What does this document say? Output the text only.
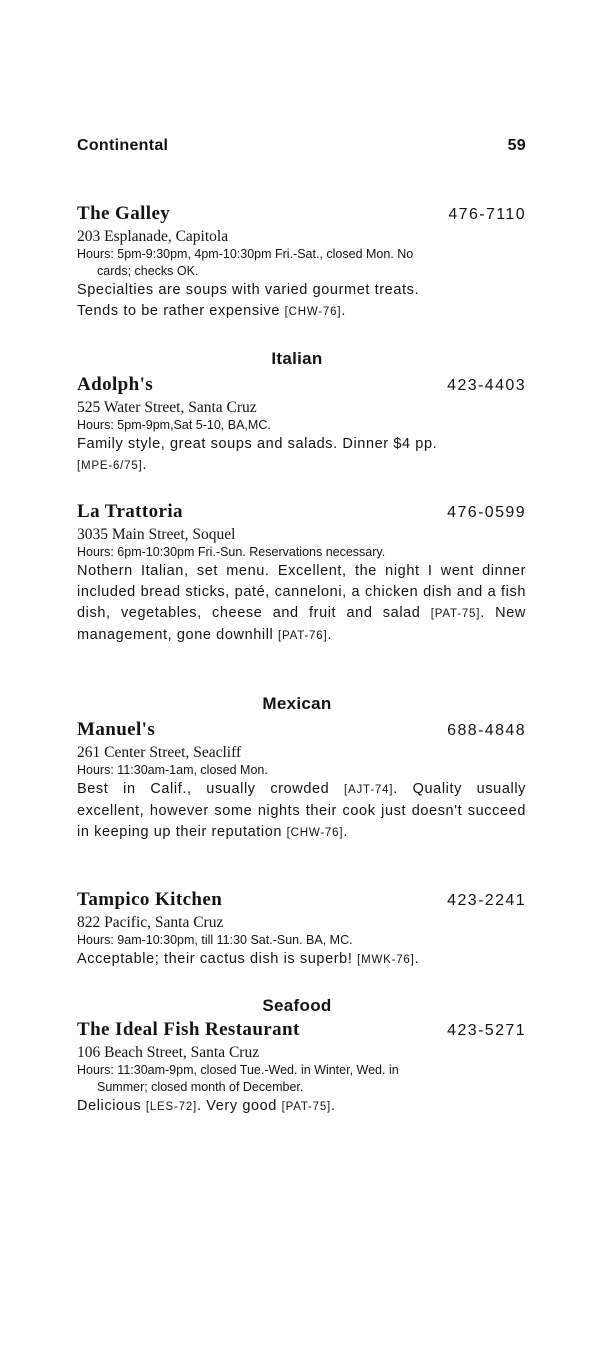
Continental	59
The Galley	476-7110
203 Esplanade, Capitola
Hours: 5pm-9:30pm, 4pm-10:30pm Fri.-Sat., closed Mon. No
cards; checks OK.
Specialties are soups with varied gourmet treats.
Tends to be rather expensive [CHW-76].
Italian
Adolph's	423-4403
525 Water Street, Santa Cruz
Hours: 5pm-9pm,Sat 5-10, BA,MC.
Family style, great soups and salads. Dinner $4 pp.
[MPE-6/75].
La Trattoria	476-0599
3035 Main Street, Soquel
Hours: 6pm-10:30pm Fri.-Sun. Reservations necessary.
Nothern Italian, set menu. Excellent, the night I went dinner included bread sticks, paté, canneloni, a chicken dish and a fish dish, vegetables, cheese and fruit and salad [PAT-75]. New management, gone downhill [PAT-76].
Mexican
Manuel's	688-4848
261 Center Street, Seacliff
Hours: 11:30am-1am, closed Mon.
Best in Calif., usually crowded [AJT-74]. Quality usually excellent, however some nights their cook just doesn't succeed in keeping up their reputation [CHW-76].
Tampico Kitchen	423-2241
822 Pacific, Santa Cruz
Hours: 9am-10:30pm, till 11:30 Sat.-Sun. BA, MC.
Acceptable; their cactus dish is superb! [MWK-76].
Seafood
The Ideal Fish Restaurant	423-5271
106 Beach Street, Santa Cruz
Hours: 11:30am-9pm, closed Tue.-Wed. in Winter, Wed. in
Summer; closed month of December.
Delicious [LES-72]. Very good [PAT-75].
